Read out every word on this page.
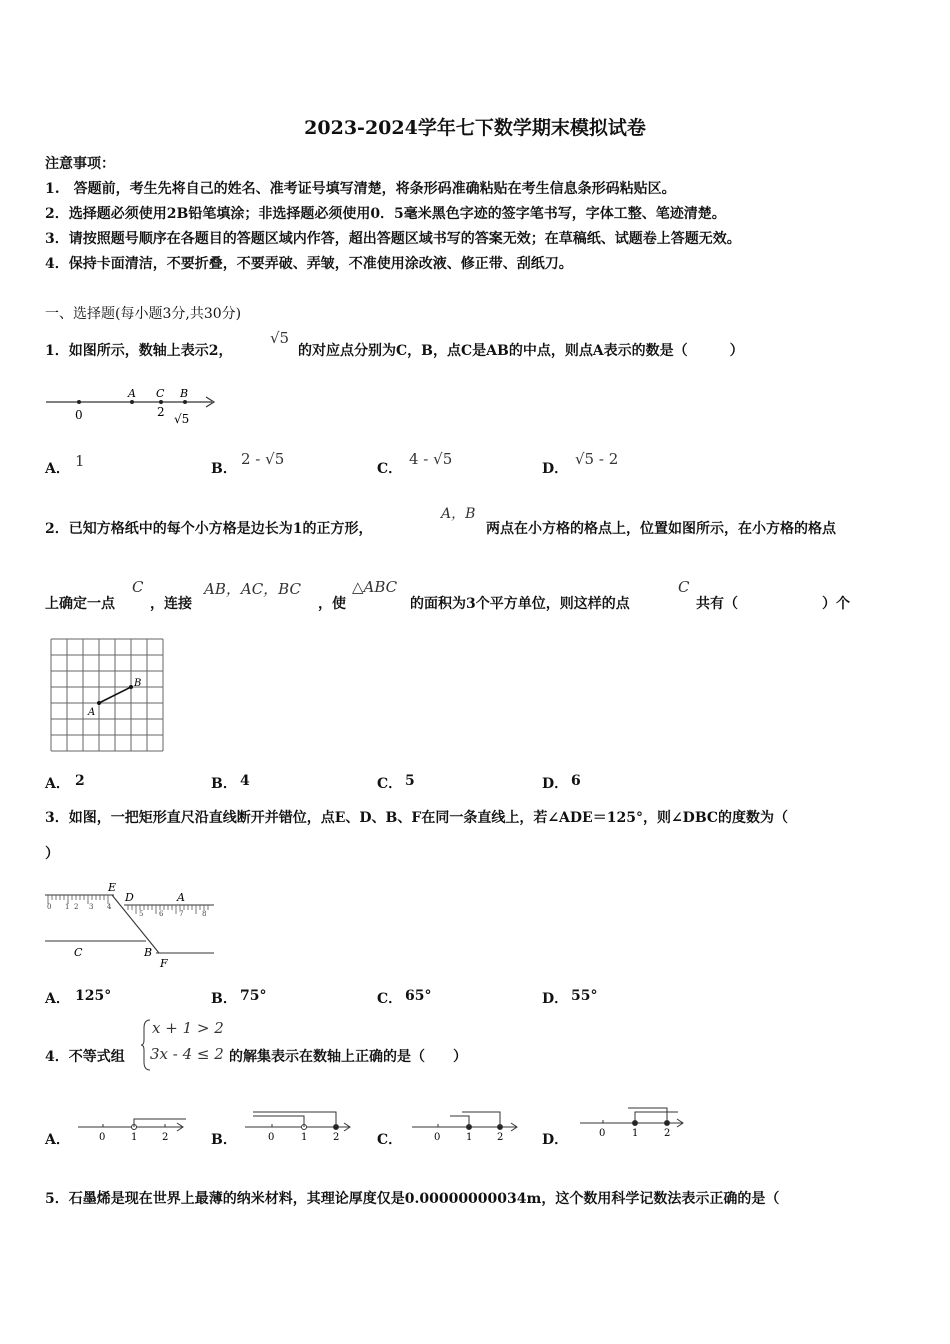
2023-2024学年七下数学期末模拟试卷
注意事项：
1.　答题前，考生先将自己的姓名、准考证号填写清楚，将条形码准确粘贴在考生信息条形码粘贴区。
2．选择题必须使用2B铅笔填涂；非选择题必须使用0．5毫米黑色字迹的签字笔书写，字体工整、笔迹清楚。
3．请按照题号顺序在各题目的答题区域内作答，超出答题区域书写的答案无效；在草稿纸、试题卷上答题无效。
4．保持卡面清洁，不要折叠，不要弄破、弄皱，不准使用涂改液、修正带、刮纸刀。
一、选择题(每小题3分,共30分)
1．如图所示，数轴上表示2，
√5
的对应点分别为C，B，点C是AB的中点，则点A表示的数是（　　　）
0
A C B
2 √5
A． 1	B．
2 - √5
C．
4 - √5
D．
√5 - 2
2．已知方格纸中的每个小方格是边长为1的正方形，
A，B
两点在小方格的格点上，位置如图所示，在小方格的格点
上确定一点
C
，连接
AB，AC，BC
，使
△ABC
的面积为3个平方单位，则这样的点
C
共有（　　　　　　）个
A
B
A． 2	B． 4	C． 5	D． 6
3．如图，一把矩形直尺沿直线断开并错位，点E、D、B、F在同一条直线上，若∠ADE＝125°，则∠DBC的度数为（
）
0 1 2 3 4
5 6 7	8
E
D	A
C	B
F
A． 125°	B． 75°	C． 65°	D． 55°
4．不等式组
x + 1 > 2
3x - 4 ≤ 2 的解集表示在数轴上正确的是（　　）
A．	0	1 2	B．	0	1	2	C．	0	1 2	D．	0	1	2
5．石墨烯是现在世界上最薄的纳米材料，其理论厚度仅是0.00000000034m，这个数用科学记数法表示正确的是（
